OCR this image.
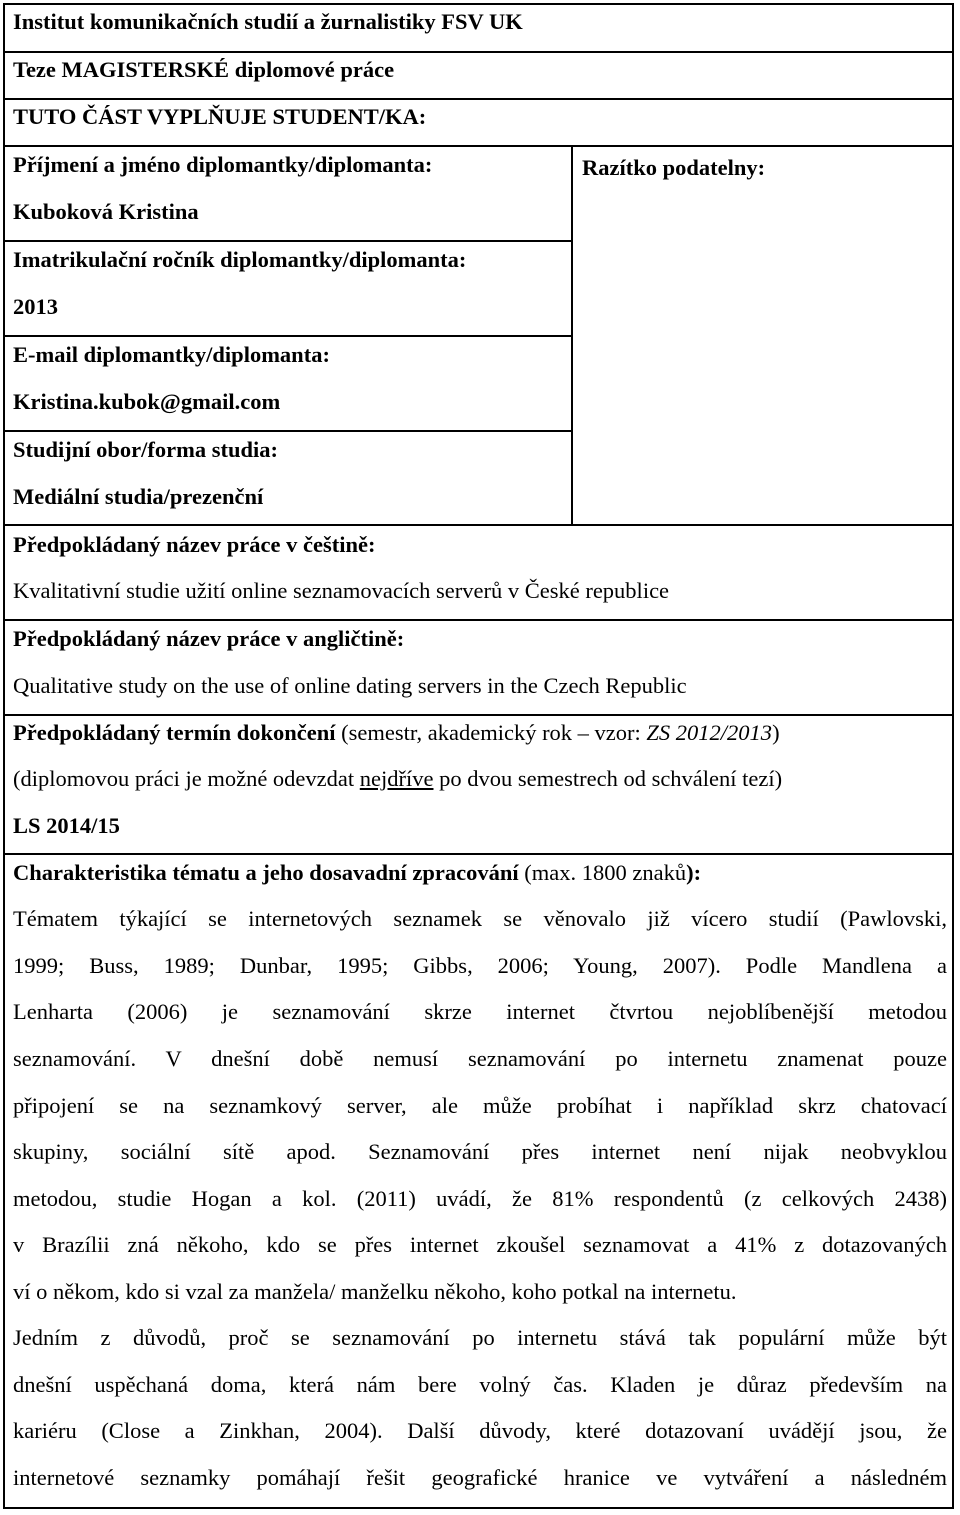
Institut komunikačních studií a žurnalistiky FSV UK
Teze MAGISTERSKÉ diplomové práce
TUTO ČÁST VYPLŇUJE STUDENT/KA:
Příjmení a jméno diplomantky/diplomanta:
Kuboková Kristina
Imatrikulační ročník diplomantky/diplomanta:
2013
E-mail diplomantky/diplomanta:
Kristina.kubok@gmail.com
Studijní obor/forma studia:
Mediální studia/prezenční
Razítko podatelny:
Předpokládaný název práce v češtině:
Kvalitativní studie užití online seznamovacích serverů v České republice
Předpokládaný název práce v angličtině:
Qualitative study on the use of online dating servers in the Czech Republic
Předpokládaný termín dokončení (semestr, akademický rok – vzor: ZS 2012/2013)
(diplomovou práci je možné odevzdat nejdříve po dvou semestrech od schválení tezí)
LS 2014/15
Charakteristika tématu a jeho dosavadní zpracování (max. 1800 znaků):
Tématem týkající se internetových seznamek se věnovalo již vícero studií (Pawlovski,
1999; Buss, 1989; Dunbar, 1995; Gibbs, 2006; Young, 2007). Podle Mandlena a
Lenharta (2006) je seznamování skrze internet čtvrtou nejoblíbenější metodou
seznamování. V dnešní době nemusí seznamování po internetu znamenat pouze
připojení se na seznamkový server, ale může probíhat i například skrz chatovací
skupiny, sociální sítě apod. Seznamování přes internet není nijak neobvyklou
metodou, studie Hogan a kol. (2011) uvádí, že 81% respondentů (z celkových 2438)
v Brazílii zná někoho, kdo se přes internet zkoušel seznamovat a 41% z dotazovaných
ví o někom, kdo si vzal za manžela/ manželku někoho, koho potkal na internetu.
Jedním z důvodů, proč se seznamování po internetu stává tak populární může být
dnešní uspěchaná doma, která nám bere volný čas. Kladen je důraz především na
kariéru (Close a Zinkhan, 2004). Další důvody, které dotazovaní uvádějí jsou, že
internetové seznamky pomáhají řešit geografické hranice ve vytváření a následném
